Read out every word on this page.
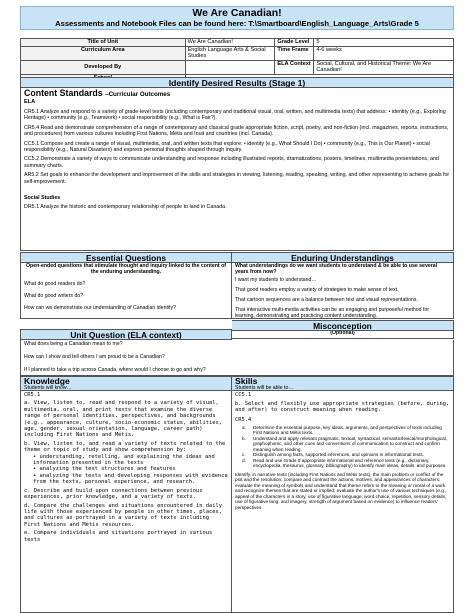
We Are Canadian!
Assessments and Notebook Files can be found here: T:\Smartboard\English_Language_Arts\Grade 5
Title of Unit	We Are Canadian!	Grade Level	5
Curriculum Area	English Language Arts & Social Studies	Time Frame	4-6 weeks
Developed By		ELA Context	Social, Cultural, and Historical Theme: We Are Canadian!

Identify Desired Results (Stage 1)
Content Standards –Curricular Outcomes
ELA
CR5.1 Analyze and respond to a variety of grade-level texts (including contemporary and traditional visual, oral, written, and multimedia texts) that address: • identity (e.g., Exploring Heritage) • community (e.g., Teamwork) • social responsibility (e.g., What is Fair?).
CR5.4 Read and demonstrate comprehension of a range of contemporary and classical grade appropriate fiction, script, poetry, and non-fiction (incl. magazines, reports, instructions, and procedures) from various cultures including First Nations, Métis and Inuit and countries (incl. Canada).
CC5.1 Compose and create a range of visual, multimedia, oral, and written texts that explore: • identity (e.g., What Should I Do) • community (e.g., This is Our Planet) • social responsibility (e.g., Natural Disasters) and express personal thoughts shaped through inquiry.
CC5.2 Demonstrate a variety of ways to communicate understanding and response including illustrated reports, dramatizations, posters, timelines, multimedia presentations, and summary charts.
AR5.2 Set goals to enhance the development and improvement of the skills and strategies in viewing, listening, reading, speaking, writing, and other representing to achieve goals for self-improvement.
Social Studies
DR5.1 Analyze the historic and contemporary relationship of people to land in Canada.
Essential Questions	Enduring Understandings
Open-ended questions that stimulate thought and inquiry linked to the content of the enduring understanding.
What do good readers do?
What do good writers do?
How can we demonstrate our understanding of Canadian identity?
What understandings do we want students to understand & be able to use several years from now?
I want my students to understand…
That good readers employ a variety of strategies to make sense of text.
That cartoon sequences are a balance between text and visual representations.
That interactive multi-media activities can be an engaging and purposeful method for learning, demonstrating and practicing content understanding.
Misconception
(Optional)
Unit Question (ELA context)
What does being a Canadian mean to me?
How can I show and tell others I am proud to be a Canadian?
If I planned to take a trip across Canada, where would I choose to go and why?
Knowledge
Students will know…
Skills
Students will be able to…
CR5.1
a. View, listen to, read and respond to a variety of visual, multimedia, oral, and print texts that examine the diverse range of personal identities, perspectives, and backgrounds (e.g., appearance, culture, socio-economic status, abilities, age, gender, sexual orientation, language, career path) including First Nations and Métis.
b. View, listen to, and read a variety of texts related to the theme or topic of study and show comprehension by:
• understanding, retelling, and explaining the ideas and information presented in the texts
• analyzing the text structures and features
• analyzing the texts and developing responses with evidence from the texts, personal experience, and research.
c. Describe and build upon connections between previous experiences, prior knowledge, and a variety of texts.
d. Compare the challenges and situations encountered in daily life with those experienced by people in other times, places, and cultures as portrayed in a variety of texts including First Nations and Métis resources.
e. Compare individuals and situations portrayed in various texts
CC5.1
b. Select and flexibly use appropriate strategies (before, during, and after) to construct meaning when reading.
CR5.4
a. Determine the essential purpose, key ideas, arguments, and perspectives of texts including First Nations and Métis texts.
b. Understand and apply relevant pragmatic, textual, syntactical, semantic/lexical/morphological, graphophonic, and other cues and conventions of communication to construct and confirm meaning when reading.
c. Distinguish among facts, supported inferences, and opinions in informational texts.
d. Read and use Grade 5 appropriate informational and reference texts (e.g., dictionary, encyclopedia, thesaurus, glossary, bibliography) to identify main ideas, details, and purposes.
Identify, in narrative texts (including First Nations and Métis texts), the main problem or conflict of the plot and the resolution; compare and contrast the actions, motives, and appearances of characters; evaluate the meaning of symbols and understand that theme refers to the meaning or moral of a work and recognize themes that are stated or implied; evaluate the author's use of various techniques (e.g., appeal of the characters in a story, use of figurative language, word choice, repetition, sensory details, use of figurative lang. and imagery, strength of argument based on evidence) to influence readers' perspectives.
